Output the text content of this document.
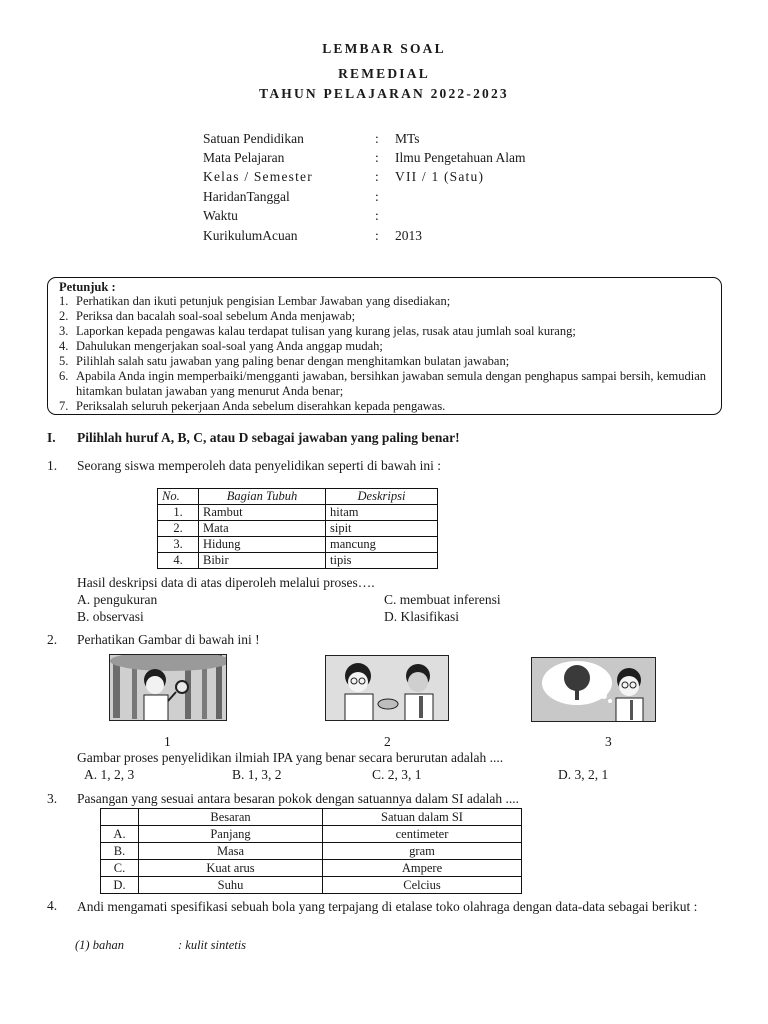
LEMBAR SOAL
REMEDIAL
TAHUN PELAJARAN 2022-2023
Satuan Pendidikan	: MTs
Mata Pelajaran	: Ilmu Pengetahuan Alam
Kelas / Semester	: VII / 1 (Satu)
HaridanTanggal	:
Waktu	:
KurikulumAcuan	: 2013
Petunjuk :
1. Perhatikan dan ikuti petunjuk pengisian Lembar Jawaban yang disediakan;
2. Periksa dan bacalah soal-soal sebelum Anda menjawab;
3. Laporkan kepada pengawas kalau terdapat tulisan yang kurang jelas, rusak atau jumlah soal kurang;
4. Dahulukan mengerjakan soal-soal yang Anda anggap mudah;
5. Pilihlah salah satu jawaban yang paling benar dengan menghitamkan bulatan jawaban;
6. Apabila Anda ingin memperbaiki/mengganti jawaban, bersihkan jawaban semula dengan penghapus sampai bersih, kemudian hitamkan bulatan jawaban yang menurut Anda benar;
7. Periksalah seluruh pekerjaan Anda sebelum diserahkan kepada pengawas.
I. Pilihlah huruf A, B, C, atau D sebagai jawaban yang paling benar!
1. Seorang siswa memperoleh data penyelidikan seperti di bawah ini :
No.	Bagian Tubuh	Deskripsi
1.	Rambut	hitam
2.	Mata	sipit
3.	Hidung	mancung
4.	Bibir	tipis
Hasil deskripsi data di atas diperoleh melalui proses….
A. pengukuran	C. membuat inferensi
B. observasi	D. Klasifikasi
2. Perhatikan Gambar di bawah ini !
1	2	3
Gambar proses penyelidikan ilmiah IPA yang benar secara berurutan adalah ....
A. 1, 2, 3	B. 1, 3, 2	C. 2, 3, 1	D. 3, 2, 1
3. Pasangan yang sesuai antara besaran pokok dengan satuannya dalam SI adalah ....
	Besaran	Satuan dalam SI
A.	Panjang	centimeter
B.	Masa	gram
C.	Kuat arus	Ampere
D.	Suhu	Celcius
4. Andi mengamati spesifikasi sebuah bola yang terpajang di etalase toko olahraga dengan data-data sebagai berikut :
(1) bahan	: kulit sintetis
